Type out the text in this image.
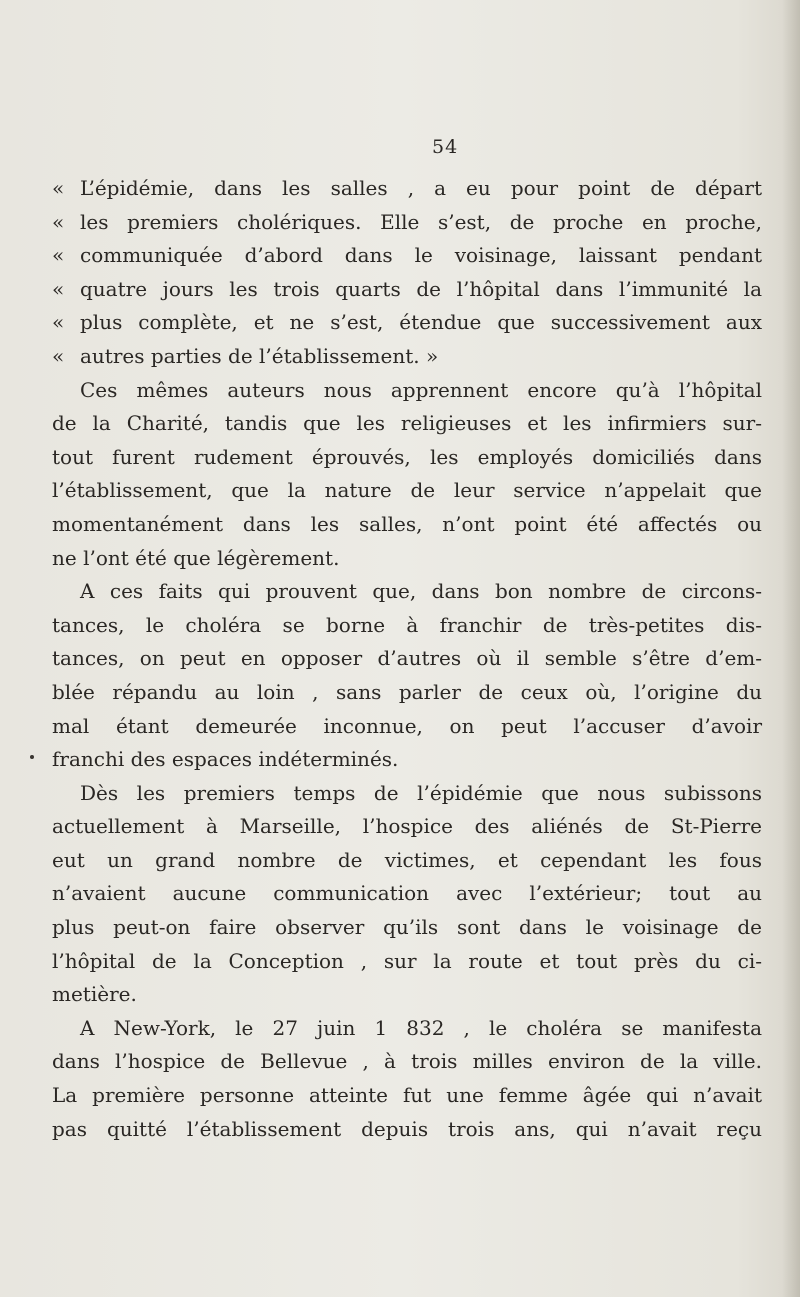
54
« L’épidémie, dans les salles , a eu pour point de départ
« les premiers cholériques. Elle s’est, de proche en proche,
« communiquée d’abord dans le voisinage, laissant pendant
« quatre jours les trois quarts de l’hôpital dans l’immunité la
« plus complète, et ne s’est, étendue que successivement aux
« autres parties de l’établissement. »
Ces mêmes auteurs nous apprennent encore qu’à l’hôpital
de la Charité, tandis que les religieuses et les infirmiers sur-
tout furent rudement éprouvés, les employés domiciliés dans
l’établissement, que la nature de leur service n’appelait que
momentanément dans les salles, n’ont point été affectés ou
ne l’ont été que légèrement.
A ces faits qui prouvent que, dans bon nombre de circons-
tances, le choléra se borne à franchir de très-petites dis-
tances, on peut en opposer d’autres où il semble s’être d’em-
blée répandu au loin , sans parler de ceux où, l’origine du
mal étant demeurée inconnue, on peut l’accuser d’avoir
franchi des espaces indéterminés.
Dès les premiers temps de l’épidémie que nous subissons
actuellement à Marseille, l’hospice des aliénés de St-Pierre
eut un grand nombre de victimes, et cependant les fous
n’avaient aucune communication avec l’extérieur; tout au
plus peut-on faire observer qu’ils sont dans le voisinage de
l’hôpital de la Conception , sur la route et tout près du ci-
metière.
A New-York, le 27 juin 1 832 , le choléra se manifesta
dans l’hospice de Bellevue , à trois milles environ de la ville.
La première personne atteinte fut une femme âgée qui n’avait
pas quitté l’établissement depuis trois ans, qui n’avait reçu
